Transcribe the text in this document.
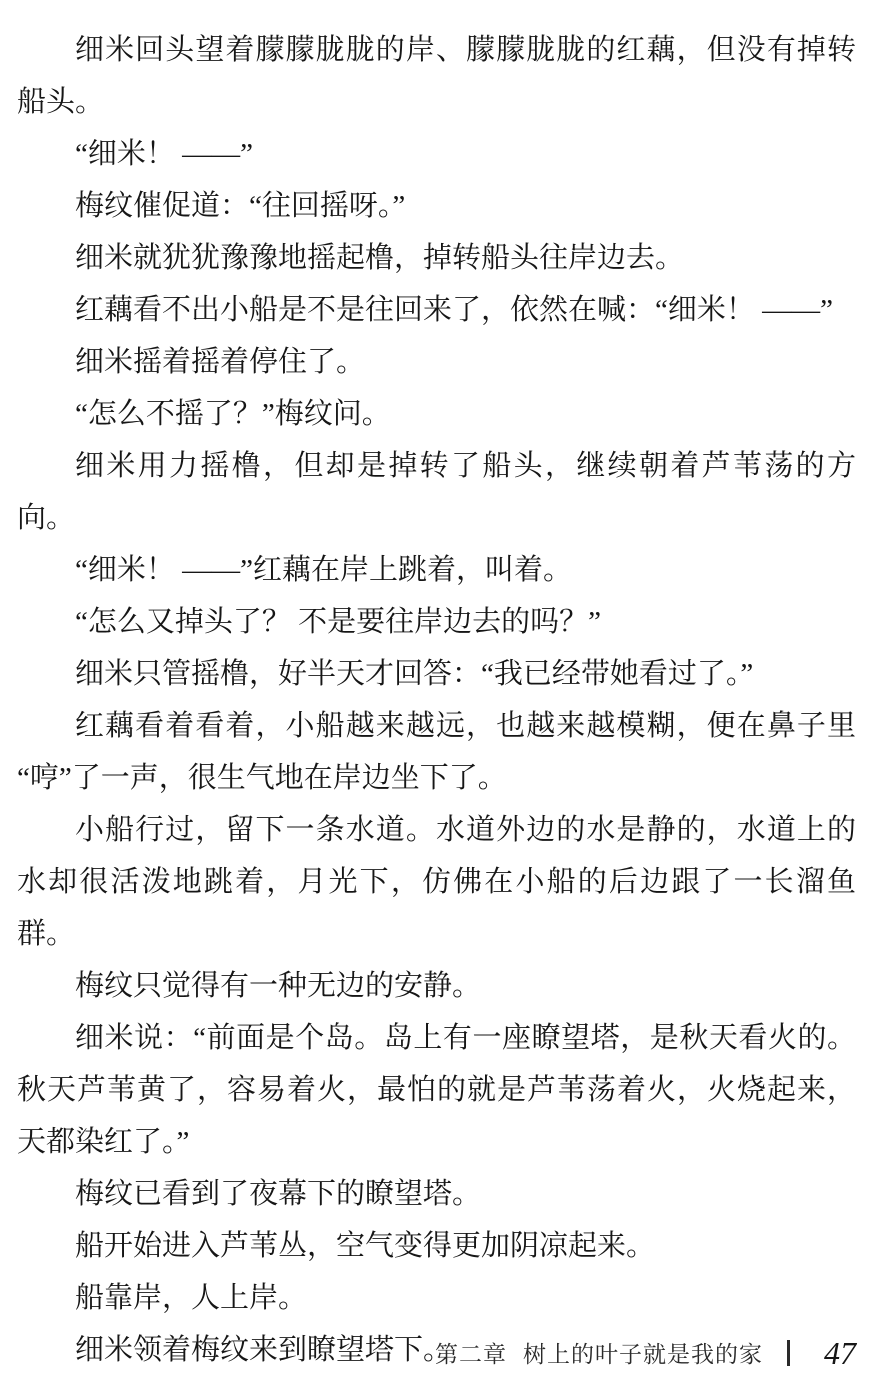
细米回头望着朦朦胧胧的岸、朦朦胧胧的红藕，但没有掉转船头。

“细米！ ——”

梅纹催促道：“往回摇呀。”

细米就犹犹豫豫地摇起橹，掉转船头往岸边去。

红藕看不出小船是不是往回来了，依然在喊：“细米！ ——”

细米摇着摇着停住了。

“怎么不摇了？”梅纹问。

细米用力摇橹，但却是掉转了船头，继续朝着芦苇荡的方向。

“细米！ ——”红藕在岸上跳着，叫着。

“怎么又掉头了？ 不是要往岸边去的吗？”

细米只管摇橹，好半天才回答：“我已经带她看过了。”

红藕看着看着，小船越来越远，也越来越模糊，便在鼻子里“哼”了一声，很生气地在岸边坐下了。

小船行过，留下一条水道。水道外边的水是静的，水道上的水却很活泼地跳着，月光下，仿佛在小船的后边跟了一长溜鱼群。

梅纹只觉得有一种无边的安静。

细米说：“前面是个岛。岛上有一座瞭望塔，是秋天看火的。秋天芦苇黄了，容易着火，最怕的就是芦苇荡着火，火烧起来，天都染红了。”

梅纹已看到了夜幕下的瞭望塔。

船开始进入芦苇丛，空气变得更加阴凉起来。

船靠岸，人上岸。

细米领着梅纹来到瞭望塔下。

第二章 树上的叶子就是我的家 47
